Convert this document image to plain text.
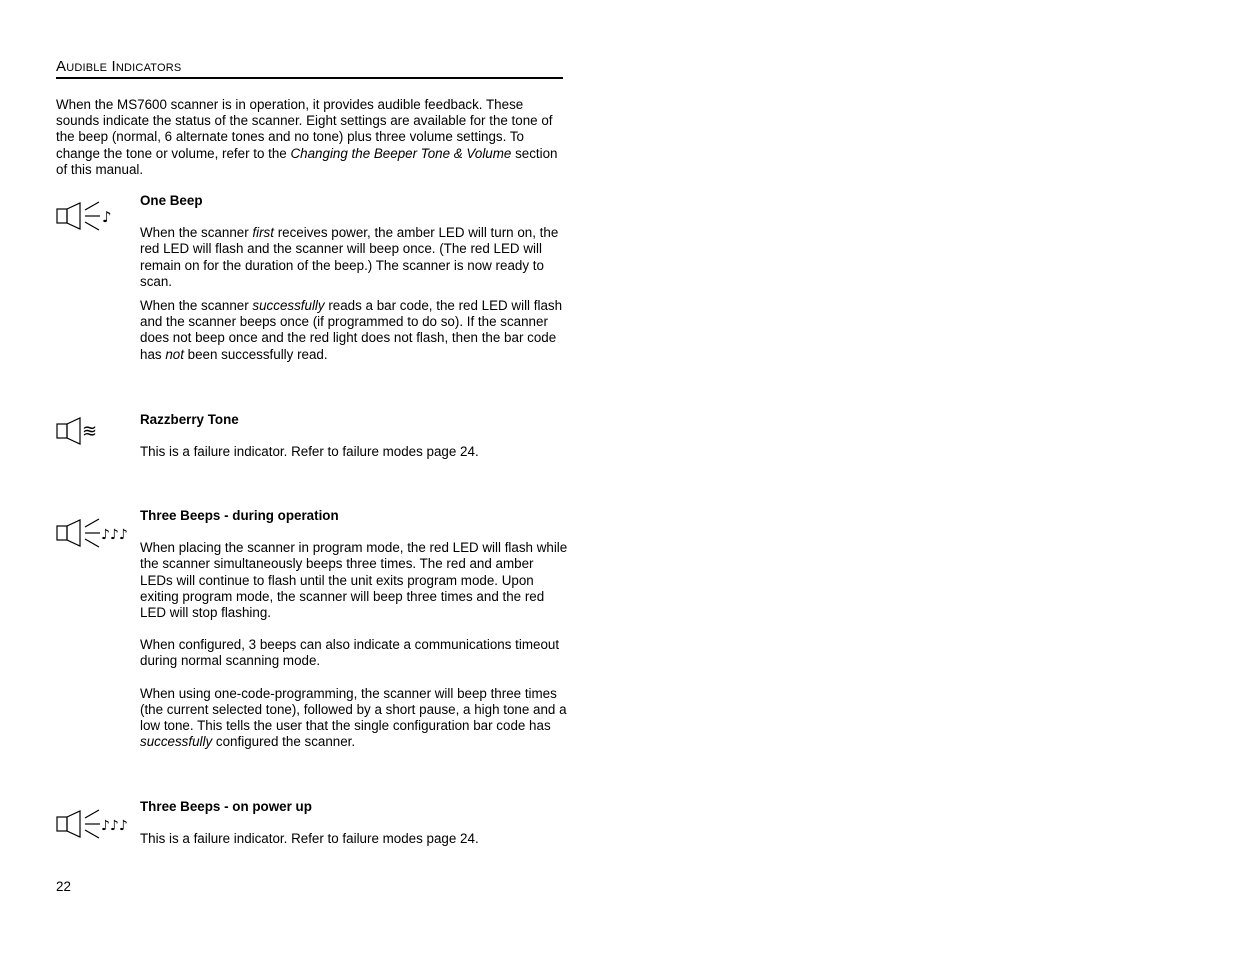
Audible Indicators

When the MS7600 scanner is in operation, it provides audible feedback. These sounds indicate the status of the scanner. Eight settings are available for the tone of the beep (normal, 6 alternate tones and no tone) plus three volume settings. To change the tone or volume, refer to the Changing the Beeper Tone & Volume section of this manual.

♪

One Beep

When the scanner first receives power, the amber LED will turn on, the red LED will flash and the scanner will beep once. (The red LED will remain on for the duration of the beep.) The scanner is now ready to scan.

When the scanner successfully reads a bar code, the red LED will flash and the scanner beeps once (if programmed to do so). If the scanner does not beep once and the red light does not flash, then the bar code has not been successfully read.

≋

Razzberry Tone

This is a failure indicator. Refer to failure modes page 24.

♪♪♪

Three Beeps - during operation

When placing the scanner in program mode, the red LED will flash while the scanner simultaneously beeps three times. The red and amber LEDs will continue to flash until the unit exits program mode. Upon exiting program mode, the scanner will beep three times and the red LED will stop flashing.

When configured, 3 beeps can also indicate a communications timeout during normal scanning mode.

When using one-code-programming, the scanner will beep three times (the current selected tone), followed by a short pause, a high tone and a low tone. This tells the user that the single configuration bar code has successfully configured the scanner.

♪♪♪

Three Beeps - on power up

This is a failure indicator. Refer to failure modes page 24.

22
